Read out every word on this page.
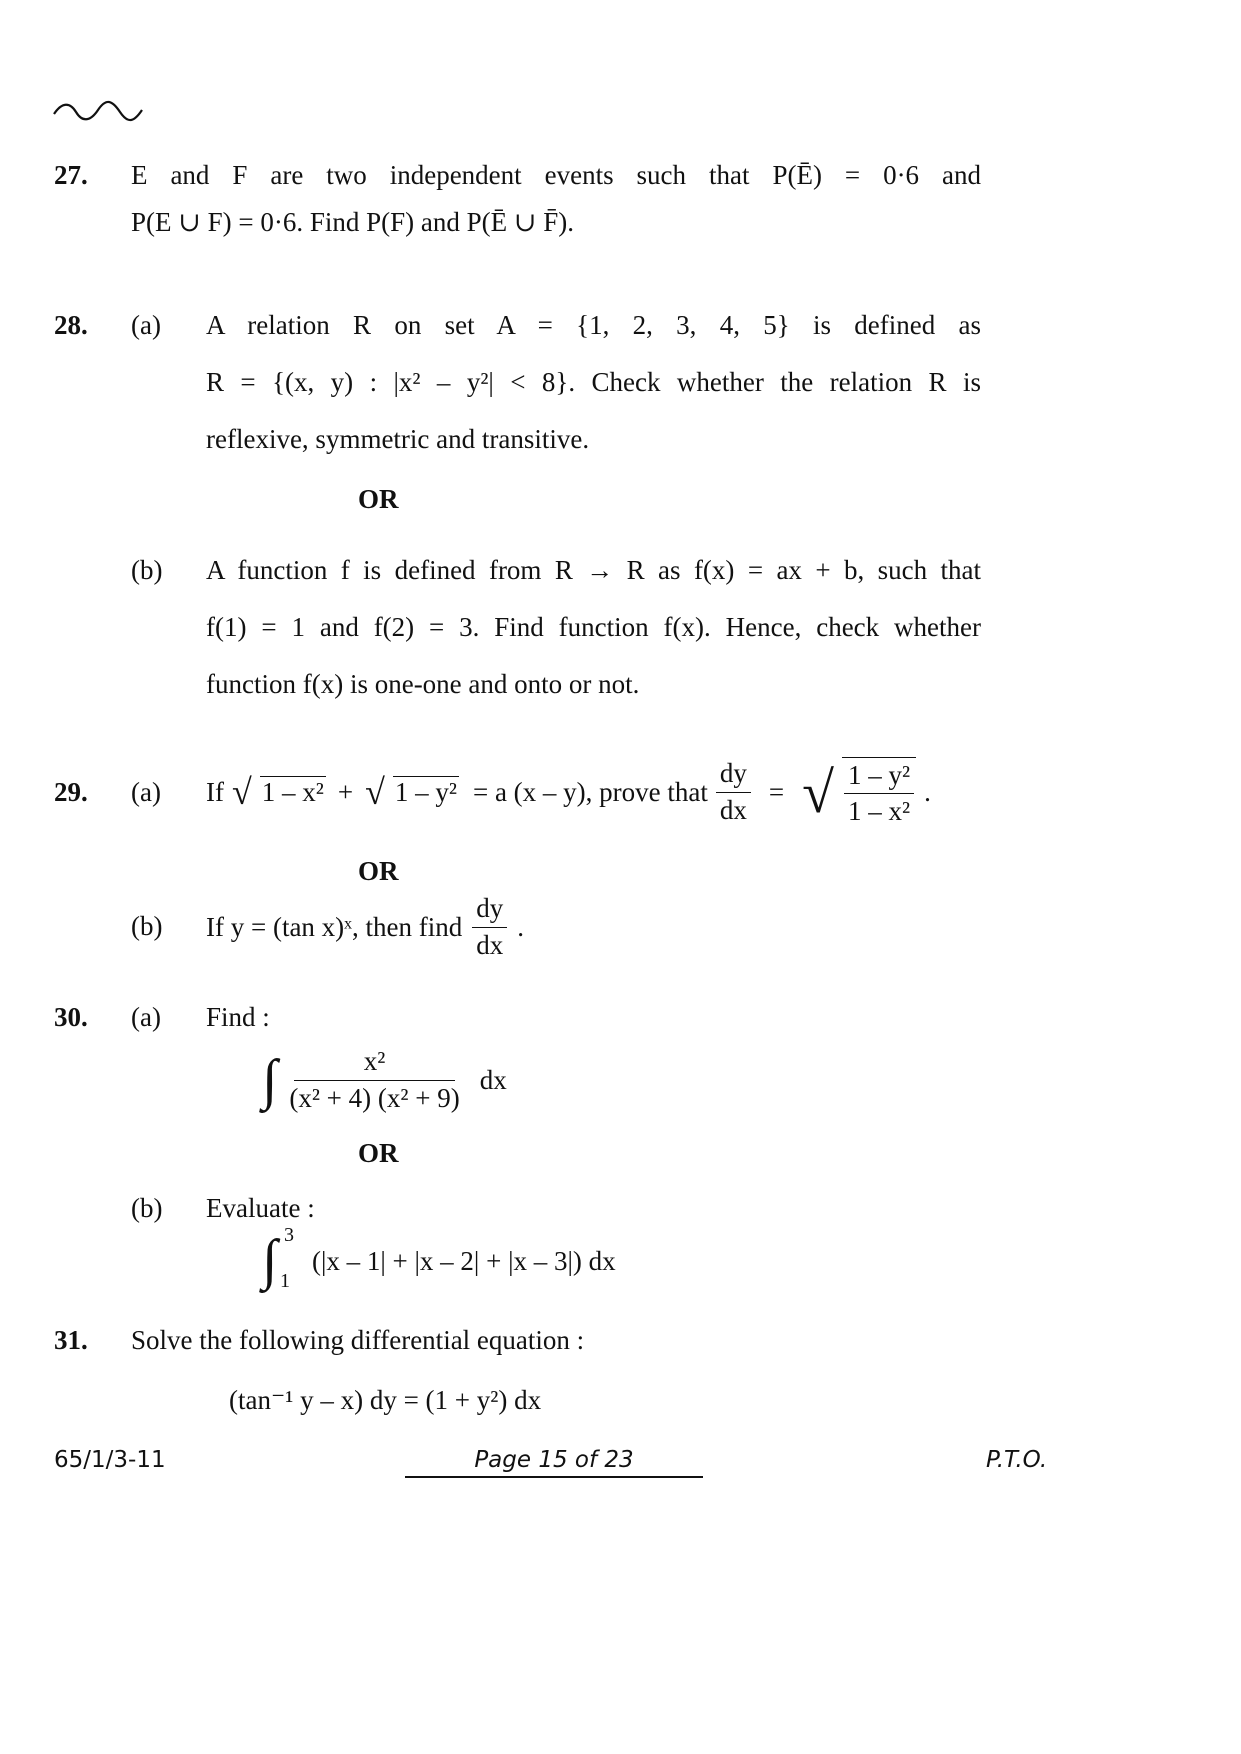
27. E and F are two independent events such that P(Ē) = 0·6 and
P(E ∪ F) = 0·6. Find P(F) and P(Ē ∪ F̄).
28. (a) A relation R on set A = {1, 2, 3, 4, 5} is defined as
R = {(x, y) : |x² – y²| < 8}. Check whether the relation R is
reflexive, symmetric and transitive.
OR
(b) A function f is defined from R → R as f(x) = ax + b, such that
f(1) = 1 and f(2) = 3. Find function f(x). Hence, check whether
function f(x) is one-one and onto or not.
29. (a) If √ 1 – x² + √ 1 – y² = a (x – y), prove that $\frac{dy}{dx}$ = √ $\frac{\text{1 – y²}}{\text{1 – x²}}$ .
OR
(b) If y = (tan x)ˣ, then find $\frac{dy}{dx}$ .
30. (a) Find :
∫ $\frac{\text{x²}}{\text{(x² + 4) (x² + 9)}}$ dx
OR
(b) Evaluate :
∫ 3
1
(|x – 1| + |x – 2| + |x – 3|) dx
31. Solve the following differential equation :
(tan⁻¹ y – x) dy = (1 + y²) dx
65/1/3-11	Page 15 of 23	P.T.O.
